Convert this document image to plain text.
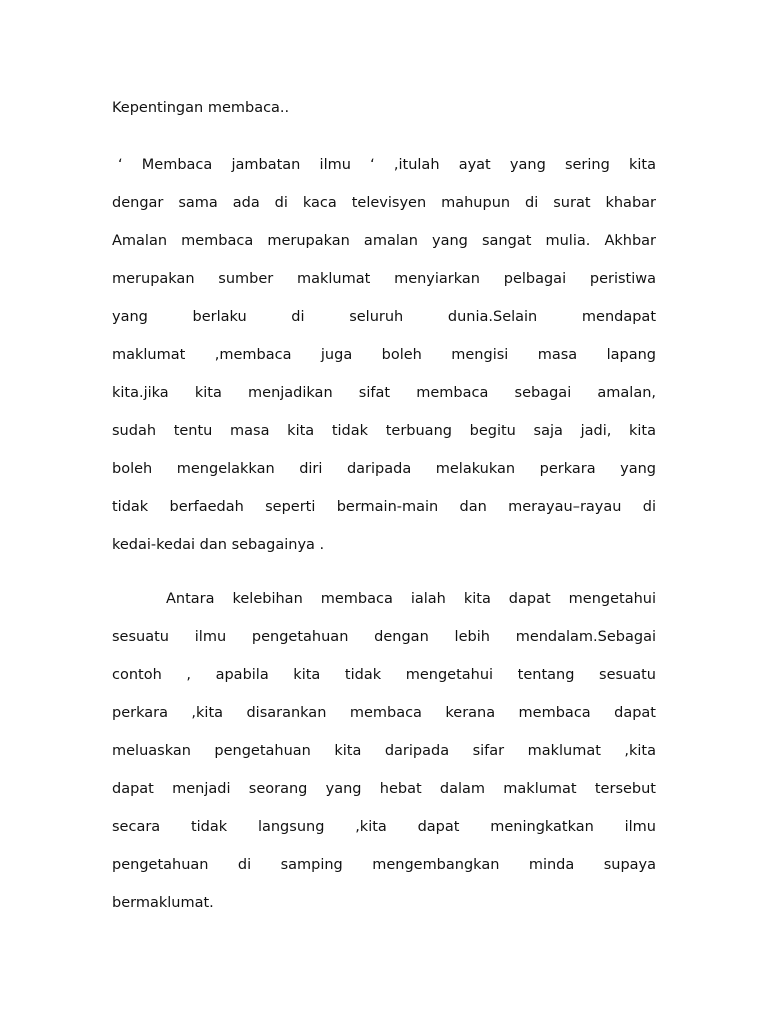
Kepentingan membaca..
‘ Membaca jambatan ilmu ‘ ,itulah ayat yang sering kita
dengar sama ada di kaca televisyen mahupun di surat khabar
Amalan membaca merupakan amalan yang sangat mulia. Akhbar
merupakan sumber maklumat menyiarkan pelbagai peristiwa
yang berlaku di seluruh dunia.Selain mendapat
maklumat ,membaca juga boleh mengisi masa lapang
kita.jika kita menjadikan sifat membaca sebagai amalan,
sudah tentu masa kita tidak terbuang begitu saja jadi, kita
boleh mengelakkan diri daripada melakukan perkara yang
tidak berfaedah seperti bermain-main dan merayau–rayau di
kedai-kedai dan sebagainya .
Antara kelebihan membaca ialah kita dapat mengetahui
sesuatu ilmu pengetahuan dengan lebih mendalam.Sebagai
contoh , apabila kita tidak mengetahui tentang sesuatu
perkara ,kita disarankan membaca kerana membaca dapat
meluaskan pengetahuan kita daripada sifar maklumat ,kita
dapat menjadi seorang yang hebat dalam maklumat tersebut
secara tidak langsung ,kita dapat meningkatkan ilmu
pengetahuan di samping mengembangkan minda supaya
bermaklumat.
